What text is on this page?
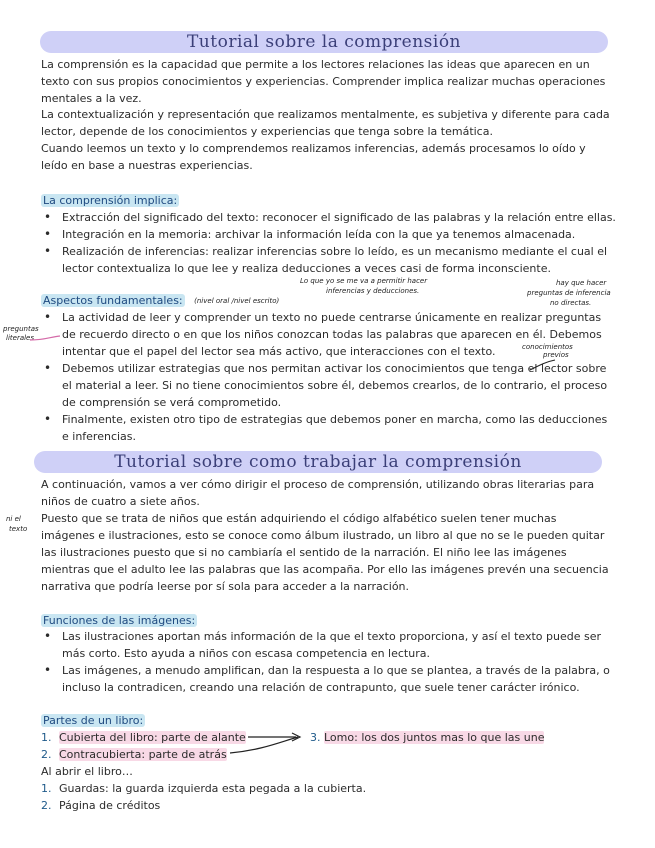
Tutorial sobre la comprensión

La comprensión es la capacidad que permite a los lectores relaciones las ideas que aparecen en un texto con sus propios conocimientos y experiencias. Comprender implica realizar muchas operaciones mentales a la vez.

La contextualización y representación que realizamos mentalmente, es subjetiva y diferente para cada lector, depende de los conocimientos y experiencias que tenga sobre la temática.

Cuando leemos un texto y lo comprendemos realizamos inferencias, además procesamos lo oído y leído en base a nuestras experiencias.

La comprensión implica:
• Extracción del significado del texto: reconocer el significado de las palabras y la relación entre ellas.
• Integración en la memoria: archivar la información leída con la que ya tenemos almacenada.
• Realización de inferencias: realizar inferencias sobre lo leído, es un mecanismo mediante el cual el lector contextualiza lo que lee y realiza deducciones a veces casi de forma inconsciente.
Lo que yo se me va a permitir hacer
inferencias y deducciones.
hay que hacer
preguntas de inferencia
no directas.
Aspectos fundamentales: (nivel oral /nivel escrito)
preguntas
literales
conocimientos
previos
• La actividad de leer y comprender un texto no puede centrarse únicamente en realizar preguntas de recuerdo directo o en que los niños conozcan todas las palabras que aparecen en él. Debemos intentar que el papel del lector sea más activo, que interacciones con el texto.
• Debemos utilizar estrategias que nos permitan activar los conocimientos que tenga el lector sobre el material a leer. Si no tiene conocimientos sobre él, debemos crearlos, de lo contrario, el proceso de comprensión se verá comprometido.
• Finalmente, existen otro tipo de estrategias que debemos poner en marcha, como las deducciones e inferencias.
Tutorial sobre como trabajar la comprensión
ni el
texto

A continuación, vamos a ver cómo dirigir el proceso de comprensión, utilizando obras literarias para niños de cuatro a siete años.

Puesto que se trata de niños que están adquiriendo el código alfabético suelen tener muchas imágenes e ilustraciones, esto se conoce como álbum ilustrado, un libro al que no se le pueden quitar las ilustraciones puesto que si no cambiaría el sentido de la narración. El niño lee las imágenes mientras que el adulto lee las palabras que las acompaña. Por ello las imágenes prevén una secuencia narrativa que podría leerse por sí sola para acceder a la narración.

Funciones de las imágenes:
• Las ilustraciones aportan más información de la que el texto proporciona, y así el texto puede ser más corto. Esto ayuda a niños con escasa competencia en lectura.
• Las imágenes, a menudo amplifican, dan la respuesta a lo que se plantea, a través de la palabra, o incluso la contradicen, creando una relación de contrapunto, que suele tener carácter irónico.
Partes de un libro:
1. Cubierta del libro: parte de alante
2. Contracubierta: parte de atrás
3. Lomo: los dos juntos mas lo que las une
Al abrir el libro…
1. Guardas: la guarda izquierda esta pegada a la cubierta.
2. Página de créditos
